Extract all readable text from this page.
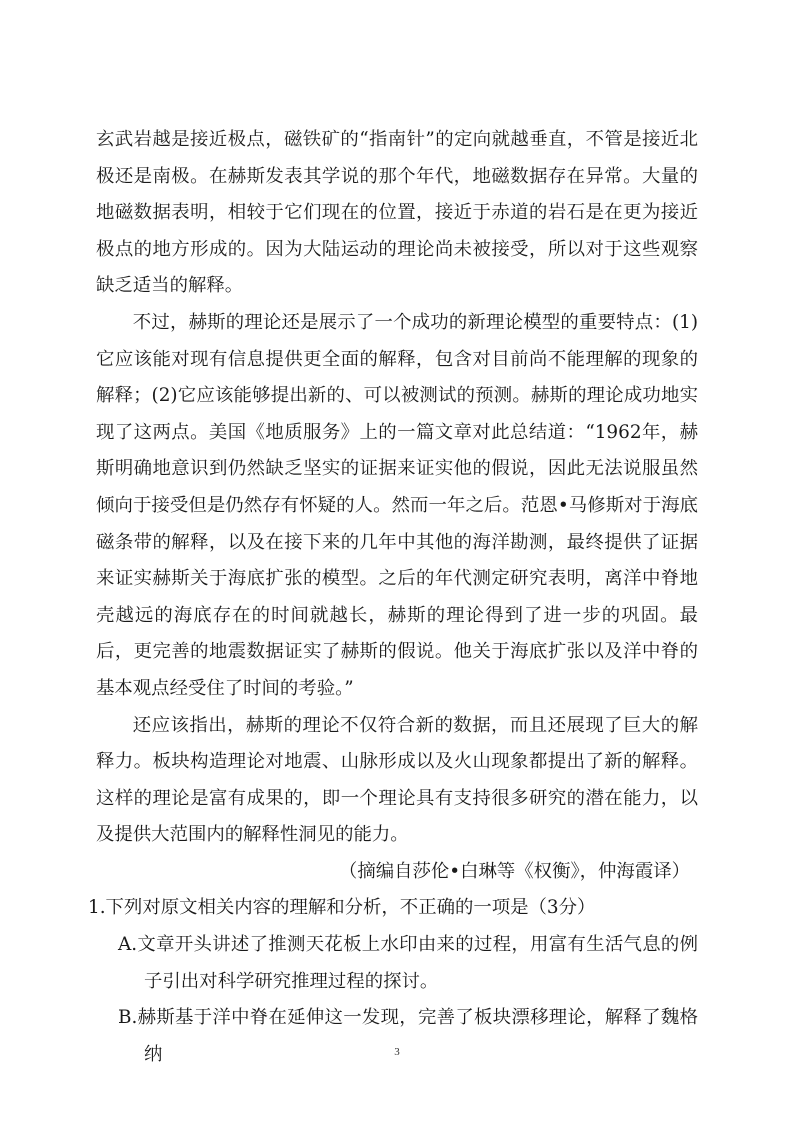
玄武岩越是接近极点，磁铁矿的“指南针”的定向就越垂直，不管是接近北极还是南极。在赫斯发表其学说的那个年代，地磁数据存在异常。大量的地磁数据表明，相较于它们现在的位置，接近于赤道的岩石是在更为接近极点的地方形成的。因为大陆运动的理论尚未被接受，所以对于这些观察缺乏适当的解释。

不过，赫斯的理论还是展示了一个成功的新理论模型的重要特点：(1)它应该能对现有信息提供更全面的解释，包含对目前尚不能理解的现象的解释；(2)它应该能够提出新的、可以被测试的预测。赫斯的理论成功地实现了这两点。美国《地质服务》上的一篇文章对此总结道：“1962年，赫斯明确地意识到仍然缺乏坚实的证据来证实他的假说，因此无法说服虽然倾向于接受但是仍然存有怀疑的人。然而一年之后。范恩•马修斯对于海底磁条带的解释，以及在接下来的几年中其他的海洋勘测，最终提供了证据来证实赫斯关于海底扩张的模型。之后的年代测定研究表明，离洋中脊地壳越远的海底存在的时间就越长，赫斯的理论得到了进一步的巩固。最后，更完善的地震数据证实了赫斯的假说。他关于海底扩张以及洋中脊的基本观点经受住了时间的考验。”

还应该指出，赫斯的理论不仅符合新的数据，而且还展现了巨大的解释力。板块构造理论对地震、山脉形成以及火山现象都提出了新的解释。这样的理论是富有成果的，即一个理论具有支持很多研究的潜在能力，以及提供大范围内的解释性洞见的能力。

（摘编自莎伦•白琳等《权衡》，仲海霞译）

1.下列对原文相关内容的理解和分析，不正确的一项是（3分）

A.文章开头讲述了推测天花板上水印由来的过程，用富有生活气息的例子引出对科学研究推理过程的探讨。

B.赫斯基于洋中脊在延伸这一发现，完善了板块漂移理论，解释了魏格纳	3
